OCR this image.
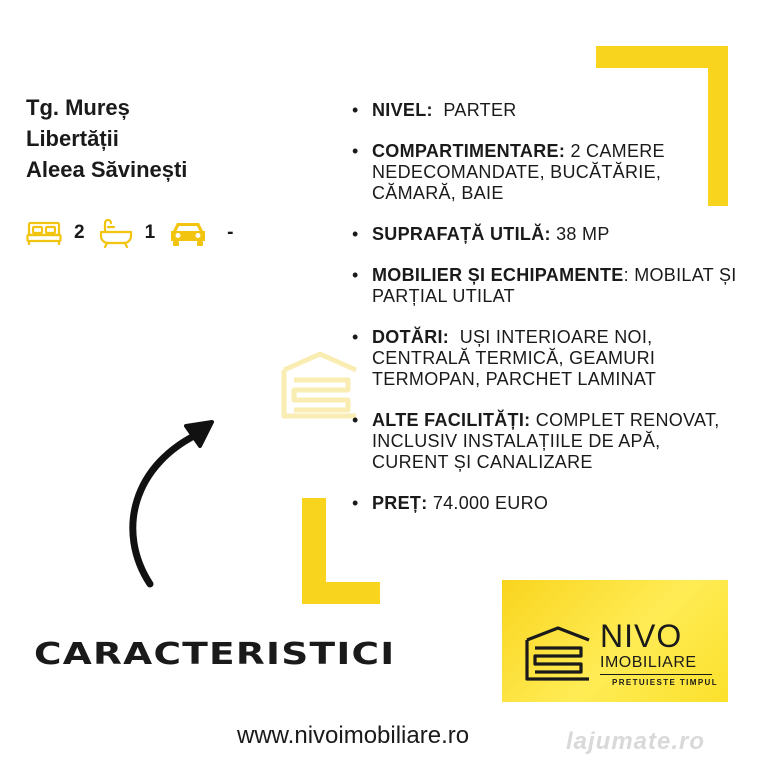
Tg. Mureș
Libertății
Aleea Săvinești
2	1	-
• NIVEL: PARTER
• COMPARTIMENTARE: 2 CAMERE NEDECOMANDATE, BUCĂTĂRIE, CĂMARĂ, BAIE
• SUPRAFAȚĂ UTILĂ: 38 MP
• MOBILIER ȘI ECHIPAMENTE: MOBILAT ȘI PARȚIAL UTILAT
• DOTĂRI: UȘI INTERIOARE NOI, CENTRALĂ TERMICĂ, GEAMURI TERMOPAN, PARCHET LAMINAT
• ALTE FACILITĂȚI: COMPLET RENOVAT, INCLUSIV INSTALAȚIILE DE APĂ, CURENT ȘI CANALIZARE
• PREȚ: 74.000 EURO
CARACTERISTICI
NIVO
IMOBILIARE
PRETUIESTE TIMPUL
www.nivoimobiliare.ro	lajumate.ro
